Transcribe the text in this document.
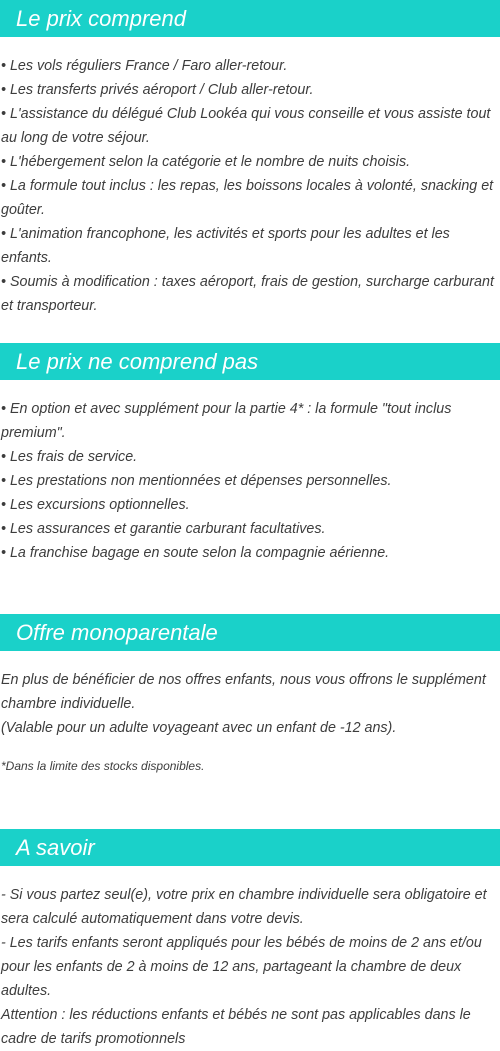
Le prix comprend

• Les vols réguliers France / Faro aller-retour.

• Les transferts privés aéroport / Club aller-retour.

• L'assistance du délégué Club Lookéa qui vous conseille et vous assiste tout au long de votre séjour.

• L'hébergement selon la catégorie et le nombre de nuits choisis.

• La formule tout inclus : les repas, les boissons locales à volonté, snacking et goûter.

• L'animation francophone, les activités et sports pour les adultes et les enfants.

• Soumis à modification : taxes aéroport, frais de gestion, surcharge carburant et transporteur.

Le prix ne comprend pas

• En option et avec supplément pour la partie 4* : la formule "tout inclus premium".

• Les frais de service.

• Les prestations non mentionnées et dépenses personnelles.

• Les excursions optionnelles.

• Les assurances et garantie carburant facultatives.

• La franchise bagage en soute selon la compagnie aérienne.

Offre monoparentale

En plus de bénéficier de nos offres enfants, nous vous offrons le supplément chambre individuelle.

(Valable pour un adulte voyageant avec un enfant de -12 ans).

*Dans la limite des stocks disponibles.

A savoir

- Si vous partez seul(e), votre prix en chambre individuelle sera obligatoire et sera calculé automatiquement dans votre devis.

- Les tarifs enfants seront appliqués pour les bébés de moins de 2 ans et/ou pour les enfants de 2 à moins de 12 ans, partageant la chambre de deux adultes.

Attention : les réductions enfants et bébés ne sont pas applicables dans le cadre de tarifs promotionnels
